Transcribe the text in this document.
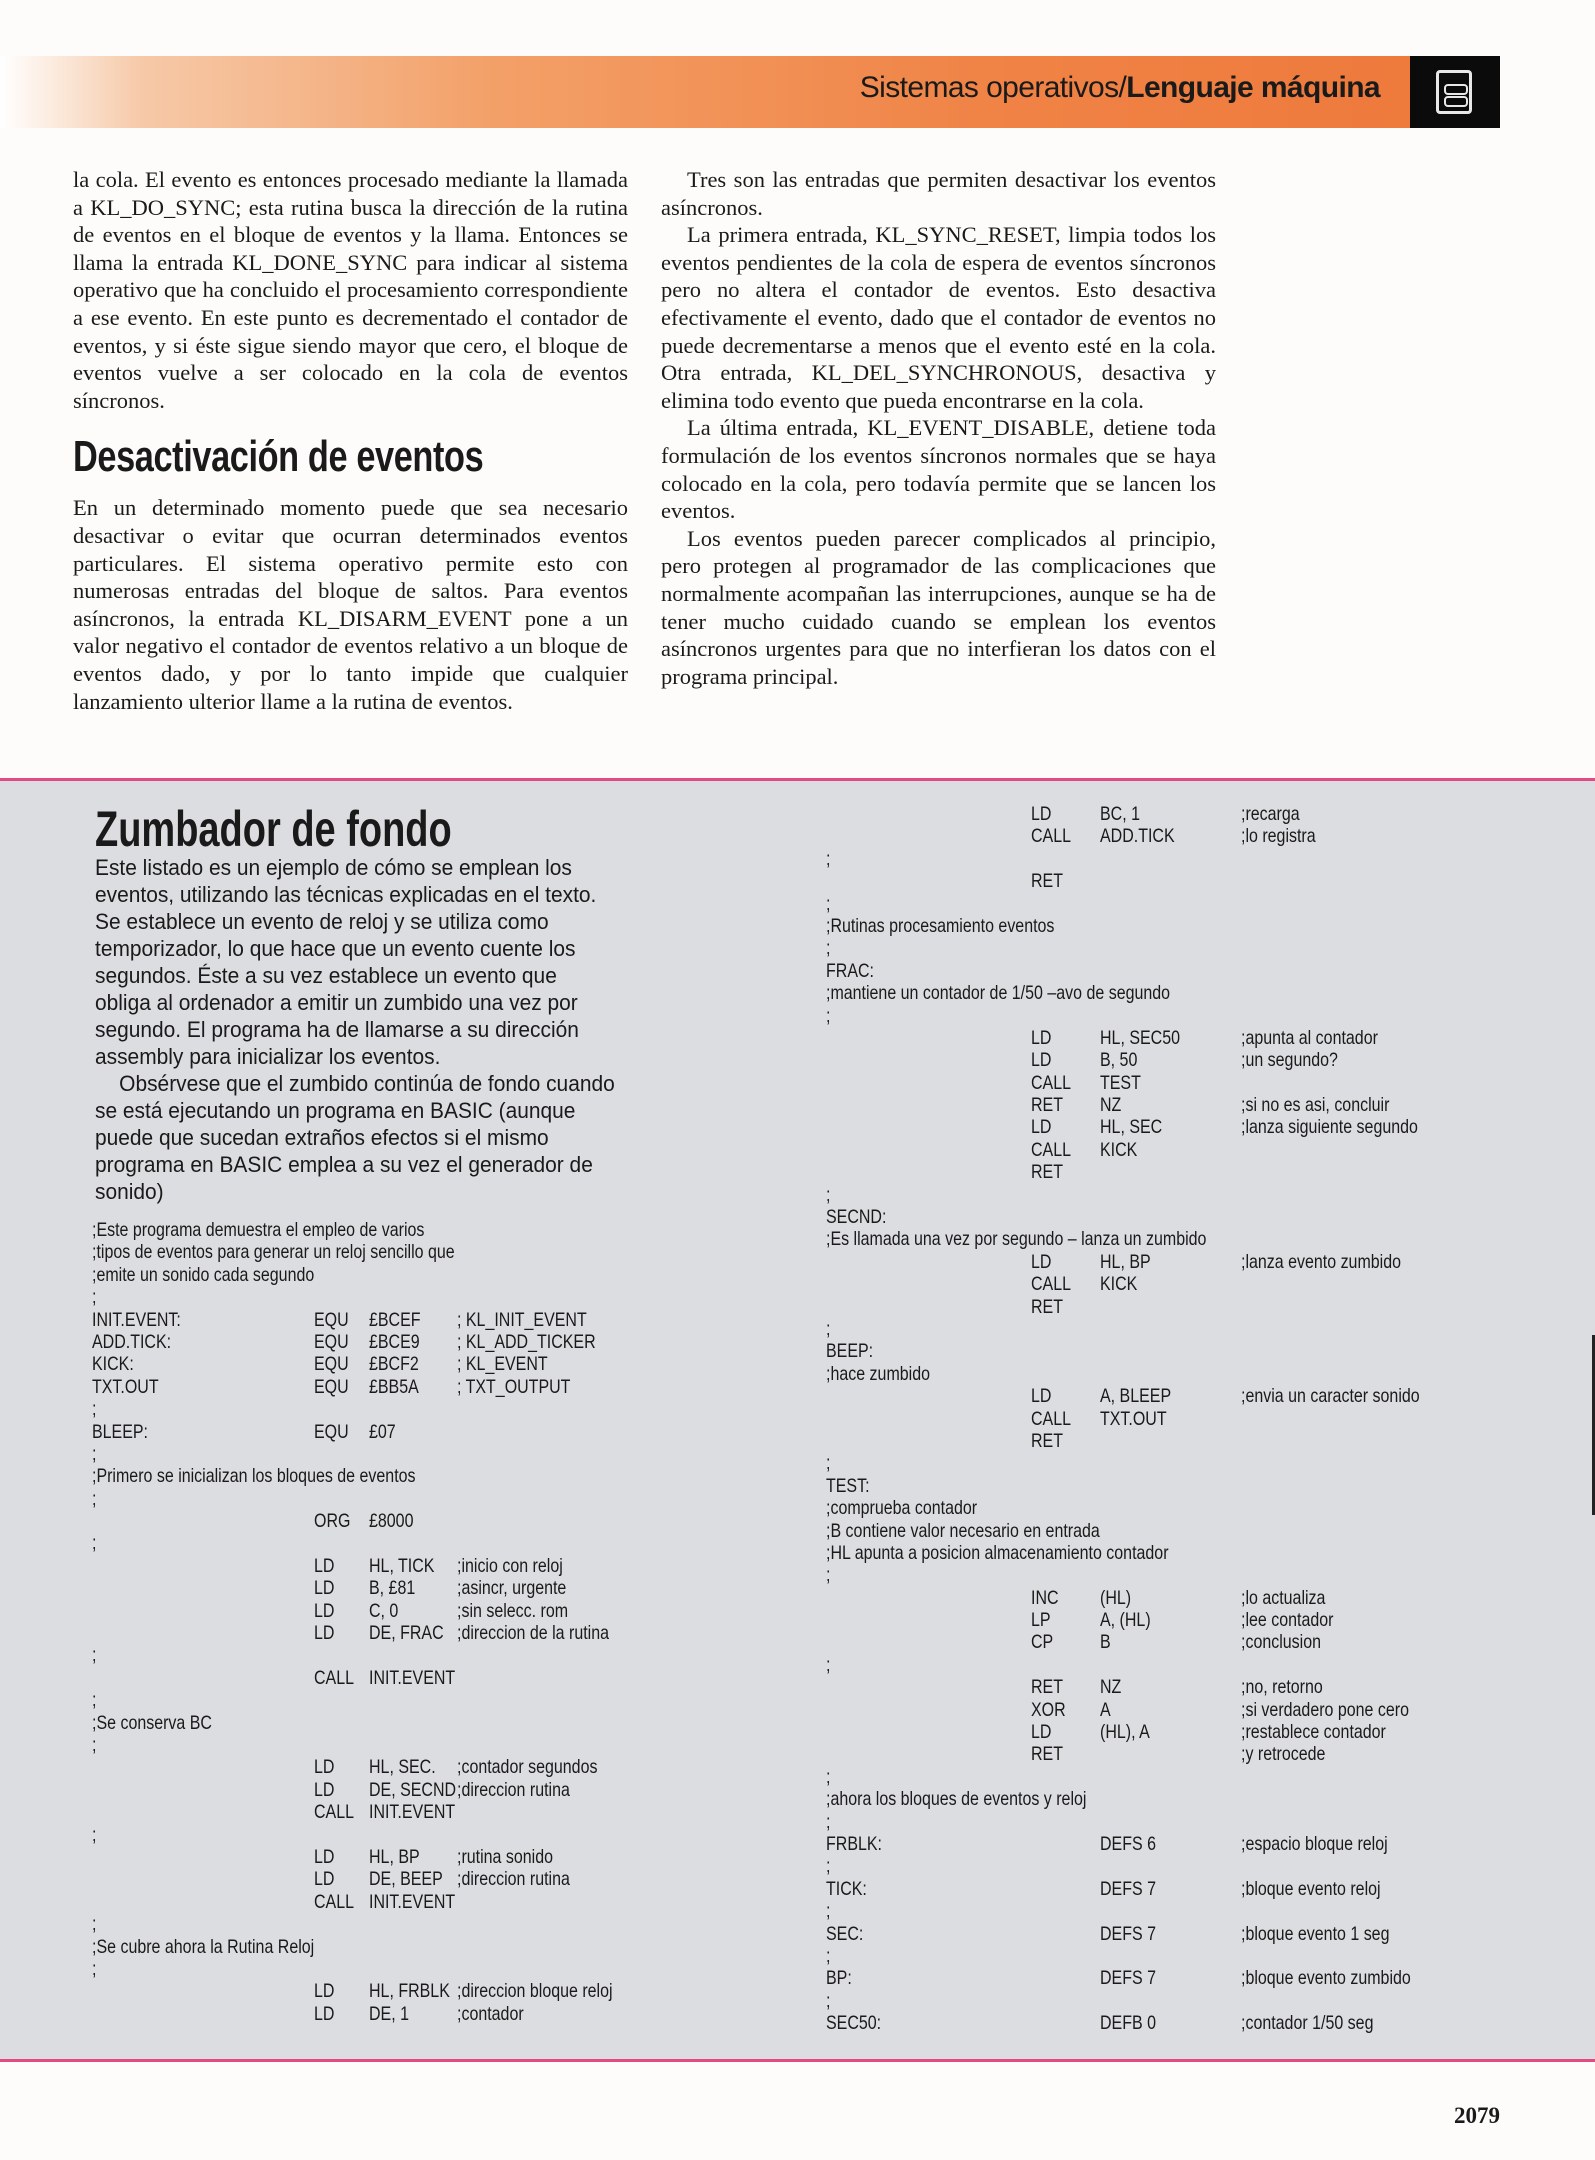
Sistemas operativos/Lenguaje máquina

la cola. El evento es entonces procesado mediante la llamada a KL_DO_SYNC; esta rutina busca la dirección de la rutina de eventos en el bloque de eventos y la llama. Entonces se llama la entrada KL_DONE_SYNC para indicar al sistema operativo que ha concluido el procesamiento correspondiente a ese evento. En este punto es decrementado el contador de eventos, y si éste sigue siendo mayor que cero, el bloque de eventos vuelve a ser colocado en la cola de eventos síncronos.

Desactivación de eventos

En un determinado momento puede que sea necesario desactivar o evitar que ocurran determinados eventos particulares. El sistema operativo permite esto con numerosas entradas del bloque de saltos. Para eventos asíncronos, la entrada KL_DISARM_EVENT pone a un valor negativo el contador de eventos relativo a un bloque de eventos dado, y por lo tanto impide que cualquier lanzamiento ulterior llame a la rutina de eventos.

Tres son las entradas que permiten desactivar los eventos asíncronos.

La primera entrada, KL_SYNC_RESET, limpia todos los eventos pendientes de la cola de espera de eventos síncronos pero no altera el contador de eventos. Esto desactiva efectivamente el evento, dado que el contador de eventos no puede decrementarse a menos que el evento esté en la cola. Otra entrada, KL_DEL_SYNCHRONOUS, desactiva y elimina todo evento que pueda encontrarse en la cola.

La última entrada, KL_EVENT_DISABLE, detiene toda formulación de los eventos síncronos normales que se haya colocado en la cola, pero todavía permite que se lancen los eventos.

Los eventos pueden parecer complicados al principio, pero protegen al programador de las complicaciones que normalmente acompañan las interrupciones, aunque se ha de tener mucho cuidado cuando se emplean los eventos asíncronos urgentes para que no interfieran los datos con el programa principal.

Zumbador de fondo

Este listado es un ejemplo de cómo se emplean los eventos, utilizando las técnicas explicadas en el texto. Se establece un evento de reloj y se utiliza como temporizador, lo que hace que un evento cuente los segundos. Éste a su vez establece un evento que obliga al ordenador a emitir un zumbido una vez por segundo. El programa ha de llamarse a su dirección assembly para inicializar los eventos.

Obsérvese que el zumbido continúa de fondo cuando se está ejecutando un programa en BASIC (aunque puede que sucedan extraños efectos si el mismo programa en BASIC emplea a su vez el generador de sonido)

;Este programa demuestra el empleo de varios
;tipos de eventos para generar un reloj sencillo que
;emite un sonido cada segundo
;
INIT.EVENT:	EQU £BCEF ; KL_INIT_EVENT
ADD.TICK:	EQU £BCE9 ; KL_ADD_TICKER
KICK:	EQU £BCF2 ; KL_EVENT
TXT.OUT	EQU £BB5A ; TXT_OUTPUT
;
BLEEP:	EQU £07
;
;Primero se inicializan los bloques de eventos
;
ORG £8000
;
LD HL, TICK ;inicio con reloj
LD B, £81 ;asincr, urgente
LD C, 0	;sin selecc. rom
LD DE, FRAC ;direccion de la rutina
;
CALL INIT.EVENT
;
;Se conserva BC
;
LD HL, SEC. ;contador segundos
LD DE, SECND ;direccion rutina
CALL INIT.EVENT
;
LD HL, BP ;rutina sonido
LD DE, BEEP ;direccion rutina
CALL INIT.EVENT
;
;Se cubre ahora la Rutina Reloj
;
LD HL, FRBLK ;direccion bloque reloj
LD DE, 1 ;contador
LD BC, 1	;recarga
CALL ADD.TICK	;lo registra
;
RET
;
;Rutinas procesamiento eventos
;
FRAC:
;mantiene un contador de 1/50 –avo de segundo
;
LD HL, SEC50	;apunta al contador
LD B, 50	;un segundo?
CALL TEST
RET NZ	;si no es asi, concluir
LD HL, SEC	;lanza siguiente segundo
CALL KICK
RET
;
SECND:
;Es llamada una vez por segundo – lanza un zumbido
LD HL, BP	;lanza evento zumbido
CALL KICK
RET
;
BEEP:
;hace zumbido
LD A, BLEEP	;envia un caracter sonido
CALL TXT.OUT
RET
;
TEST:
;comprueba contador
;B contiene valor necesario en entrada
;HL apunta a posicion almacenamiento contador
;
INC (HL)	;lo actualiza
LP	A, (HL)	;lee contador
CP B	;conclusion
;
RET NZ	;no, retorno
XOR A	;si verdadero pone cero
LD (HL), A	;restablece contador
RET	;y retrocede
;
;ahora los bloques de eventos y reloj
;
FRBLK:	DEFS 6	;espacio bloque reloj
;
TICK:	DEFS 7	;bloque evento reloj
;
SEC:	DEFS 7	;bloque evento 1 seg
;
BP:	DEFS 7	;bloque evento zumbido
;
SEC50:	DEFB 0	;contador 1/50 seg
2079
